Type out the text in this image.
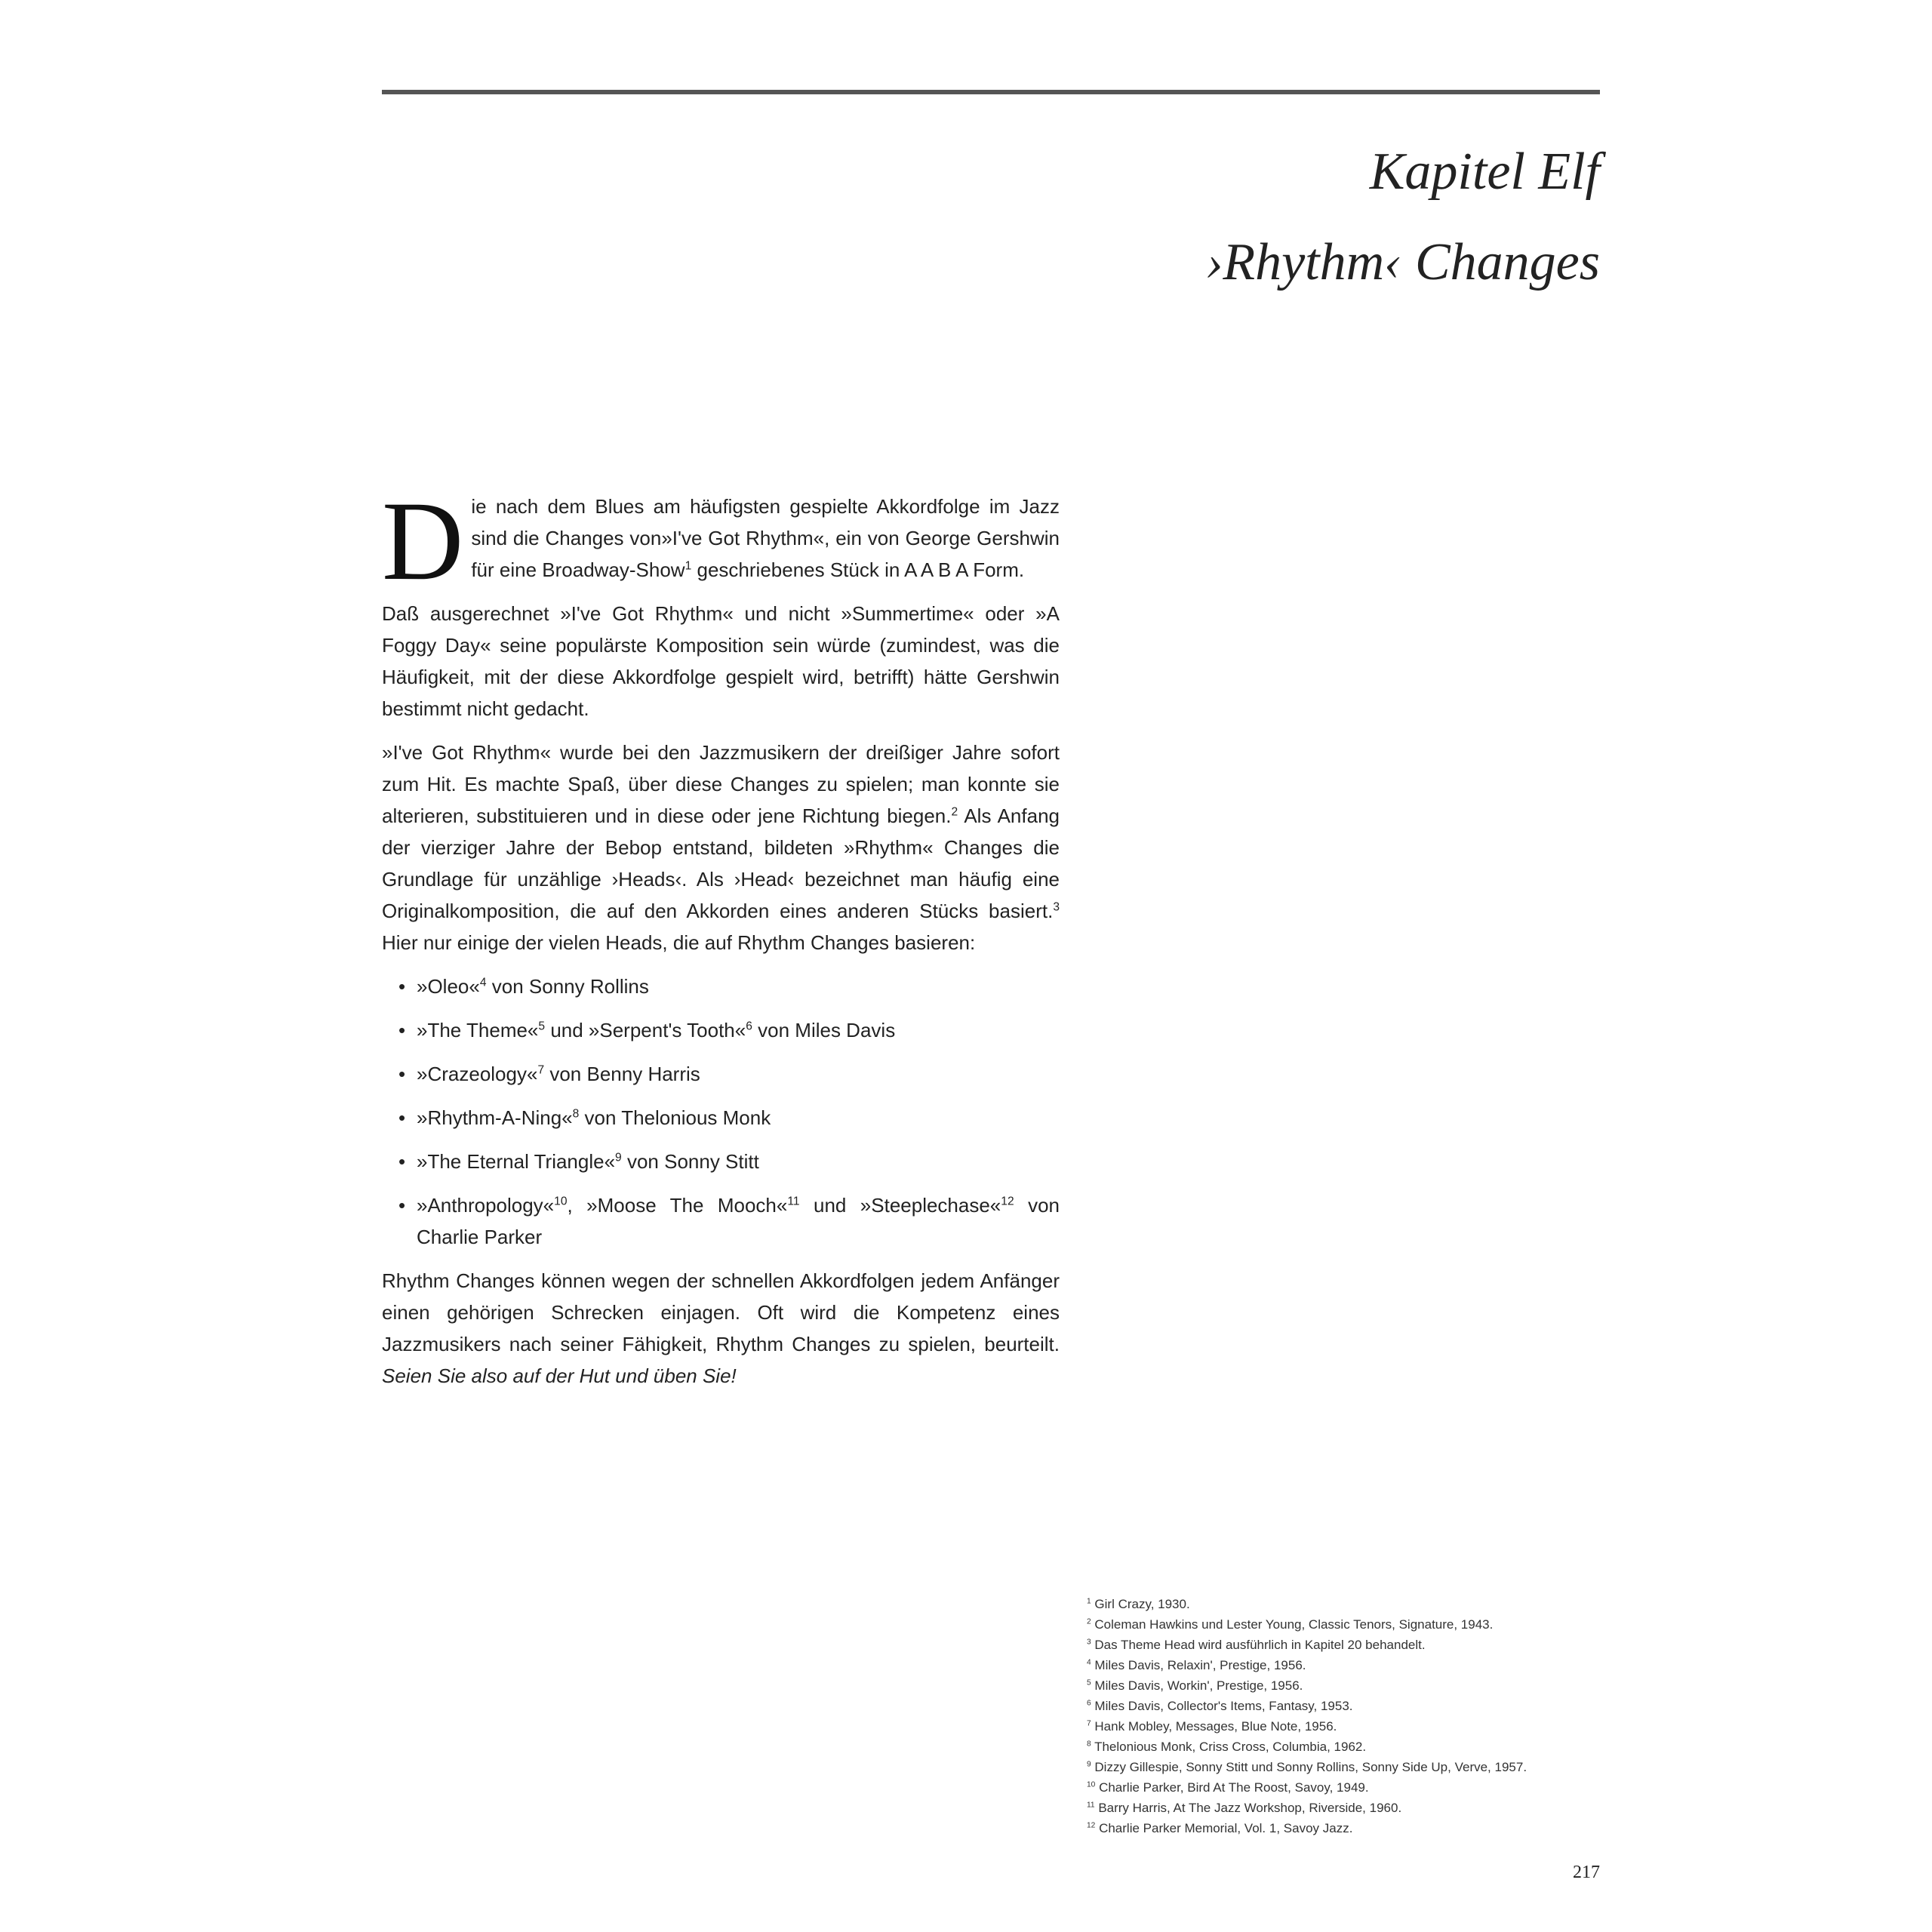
Kapitel Elf
›Rhythm‹ Changes

Die nach dem Blues am häufigsten gespielte Akkordfolge im Jazz sind die Changes von»I've Got Rhythm«, ein von George Gershwin für eine Broadway-Show$^1$ geschriebenes Stück in A A B A Form.

Daß ausgerechnet »I've Got Rhythm« und nicht »Summertime« oder »A Foggy Day« seine populärste Komposition sein würde (zumindest, was die Häufigkeit, mit der diese Akkordfolge gespielt wird, betrifft) hätte Gershwin bestimmt nicht gedacht.

»I've Got Rhythm« wurde bei den Jazzmusikern der dreißiger Jahre sofort zum Hit. Es machte Spaß, über diese Changes zu spielen; man konnte sie alterieren, substituieren und in diese oder jene Richtung biegen.$^2$ Als Anfang der vierziger Jahre der Bebop entstand, bildeten »Rhythm« Changes die Grundlage für unzählige ›Heads‹. Als ›Head‹ bezeichnet man häufig eine Originalkomposition, die auf den Akkorden eines anderen Stücks basiert.$^3$ Hier nur einige der vielen Heads, die auf Rhythm Changes basieren:

• »Oleo«$^4$ von Sonny Rollins
• »The Theme«$^5$ und »Serpent's Tooth«$^6$ von Miles Davis
• »Crazeology«$^7$ von Benny Harris
• »Rhythm-A-Ning«$^8$ von Thelonious Monk
• »The Eternal Triangle«$^9$ von Sonny Stitt
• »Anthropology«$^{10}$, »Moose The Mooch«$^{11}$ und »Steeplechase«$^{12}$ von Charlie Parker

Rhythm Changes können wegen der schnellen Akkordfolgen jedem Anfänger einen gehörigen Schrecken einjagen. Oft wird die Kompetenz eines Jazzmusikers nach seiner Fähigkeit, Rhythm Changes zu spielen, beurteilt. Seien Sie also auf der Hut und üben Sie!

$^1$ Girl Crazy, 1930.
$^2$ Coleman Hawkins und Lester Young, Classic Tenors, Signature, 1943.
$^3$ Das Theme Head wird ausführlich in Kapitel 20 behandelt.
$^4$ Miles Davis, Relaxin', Prestige, 1956.
$^5$ Miles Davis, Workin', Prestige, 1956.
$^6$ Miles Davis, Collector's Items, Fantasy, 1953.
$^7$ Hank Mobley, Messages, Blue Note, 1956.
$^8$ Thelonious Monk, Criss Cross, Columbia, 1962.
$^9$ Dizzy Gillespie, Sonny Stitt und Sonny Rollins, Sonny Side Up, Verve, 1957.
$^{10}$ Charlie Parker, Bird At The Roost, Savoy, 1949.
$^{11}$ Barry Harris, At The Jazz Workshop, Riverside, 1960.
$^{12}$ Charlie Parker Memorial, Vol. 1, Savoy Jazz.
217
